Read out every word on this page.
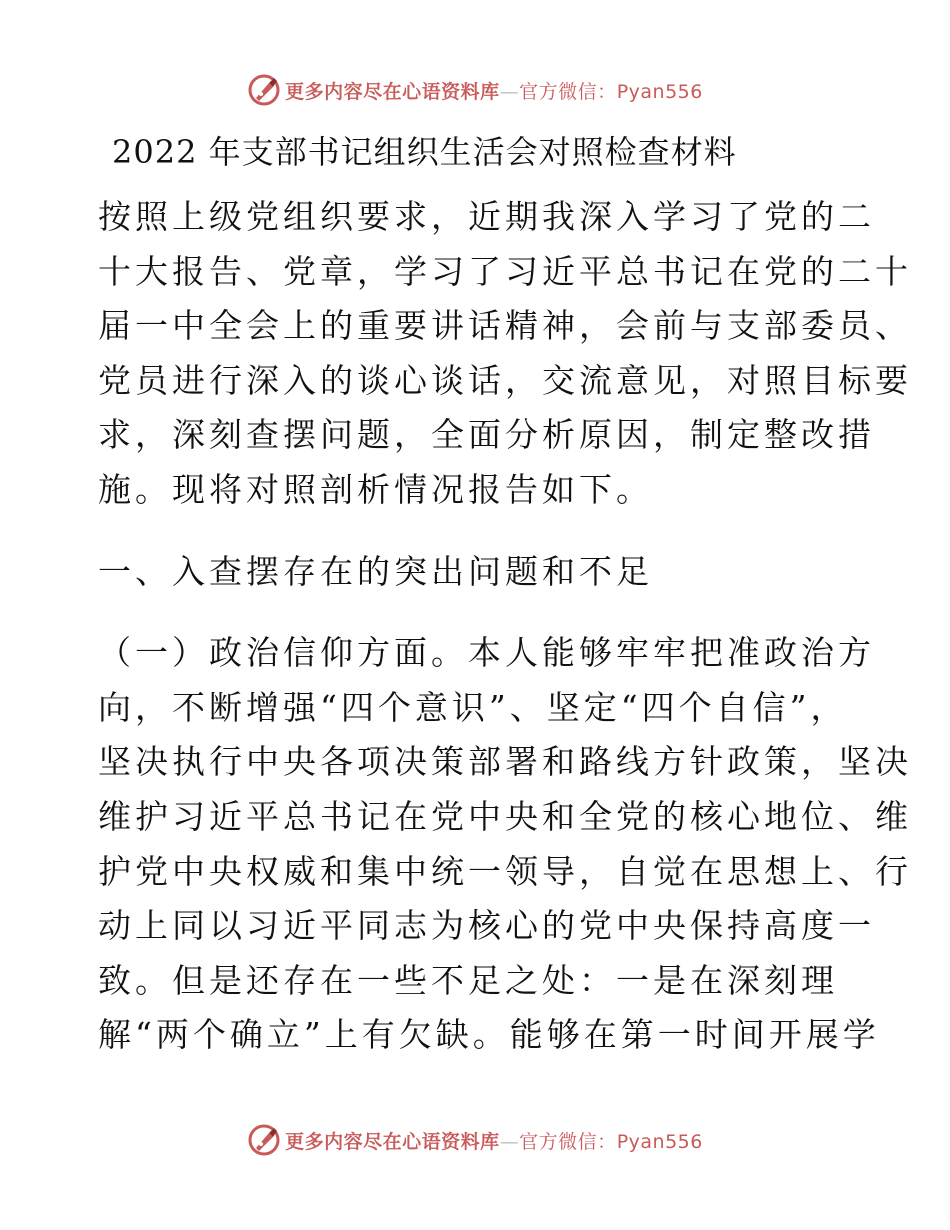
更多内容尽在心语资料库—官方微信：Pyan556
2022 年支部书记组织生活会对照检查材料
按照上级党组织要求，近期我深入学习了党的二
十大报告、党章，学习了习近平总书记在党的二十
届一中全会上的重要讲话精神，会前与支部委员、
党员进行深入的谈心谈话，交流意见，对照目标要
求，深刻查摆问题，全面分析原因，制定整改措
施。现将对照剖析情况报告如下。
一、入查摆存在的突出问题和不足
（一）政治信仰方面。本人能够牢牢把准政治方
向，不断增强“四个意识”、坚定“四个自信”，
坚决执行中央各项决策部署和路线方针政策，坚决
维护习近平总书记在党中央和全党的核心地位、维
护党中央权威和集中统一领导，自觉在思想上、行
动上同以习近平同志为核心的党中央保持高度一
致。但是还存在一些不足之处：一是在深刻理
解“两个确立”上有欠缺。能够在第一时间开展学
更多内容尽在心语资料库—官方微信：Pyan556
